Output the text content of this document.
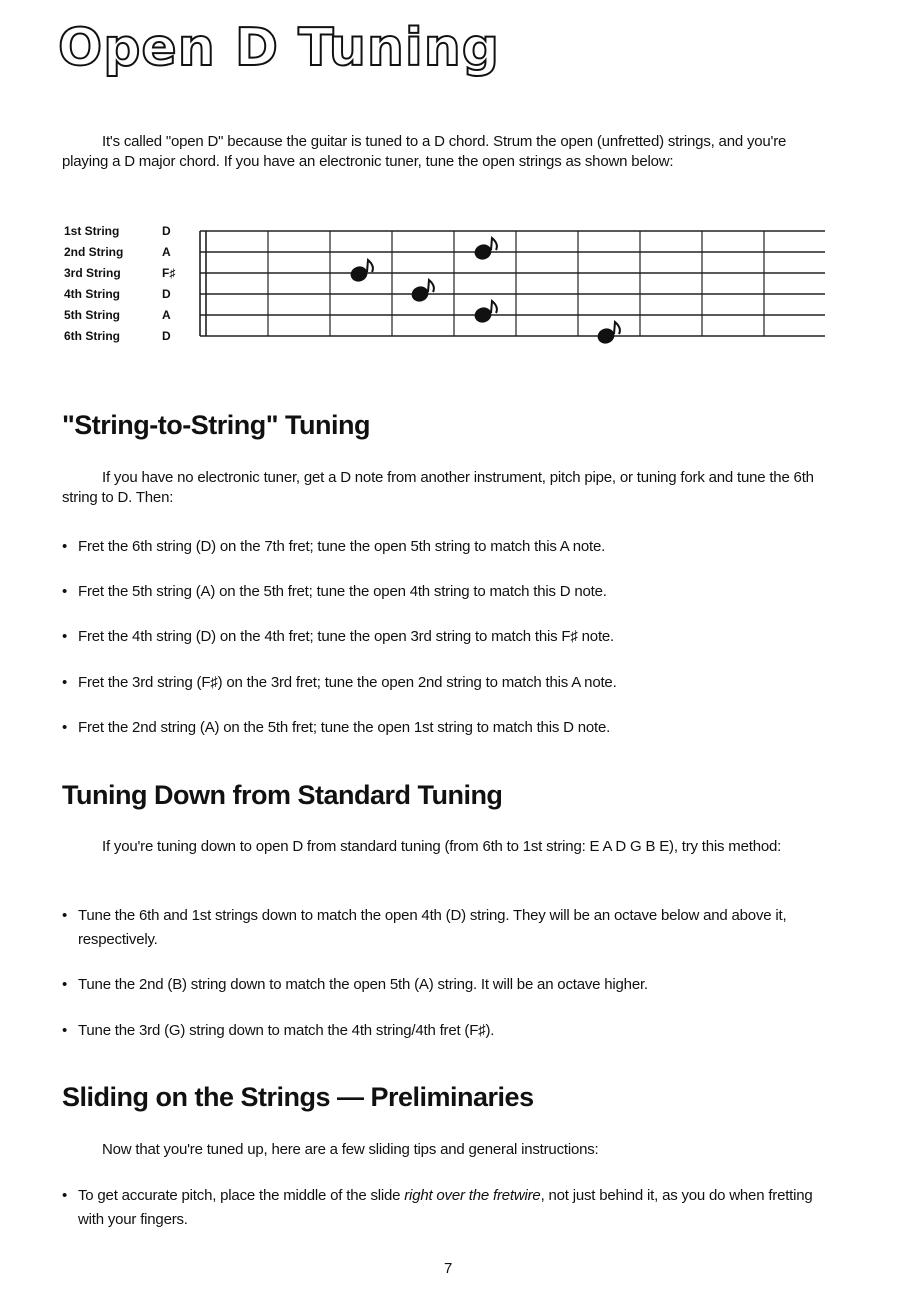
Open D Tuning

It's called "open D" because the guitar is tuned to a D chord. Strum the open (unfretted) strings, and you're playing a D major chord. If you have an electronic tuner, tune the open strings as shown below:

1st String	D
2nd String	A
3rd String	F♯
4th String	D
5th String	A
6th String	D
"String-to-String" Tuning

If you have no electronic tuner, get a D note from another instrument, pitch pipe, or tuning fork and tune the 6th string to D. Then:

• Fret the 6th string (D) on the 7th fret; tune the open 5th string to match this A note.

• Fret the 5th string (A) on the 5th fret; tune the open 4th string to match this D note.

• Fret the 4th string (D) on the 4th fret; tune the open 3rd string to match this F♯ note.

• Fret the 3rd string (F♯) on the 3rd fret; tune the open 2nd string to match this A note.

• Fret the 2nd string (A) on the 5th fret; tune the open 1st string to match this D note.

Tuning Down from Standard Tuning

If you're tuning down to open D from standard tuning (from 6th to 1st string: E A D G B E), try this method:

• Tune the 6th and 1st strings down to match the open 4th (D) string. They will be an octave below and above it, respectively.

• Tune the 2nd (B) string down to match the open 5th (A) string. It will be an octave higher.

• Tune the 3rd (G) string down to match the 4th string/4th fret (F♯).

Sliding on the Strings — Preliminaries

Now that you're tuned up, here are a few sliding tips and general instructions:

• To get accurate pitch, place the middle of the slide right over the fretwire, not just behind it, as you do when fretting with your fingers.

7
